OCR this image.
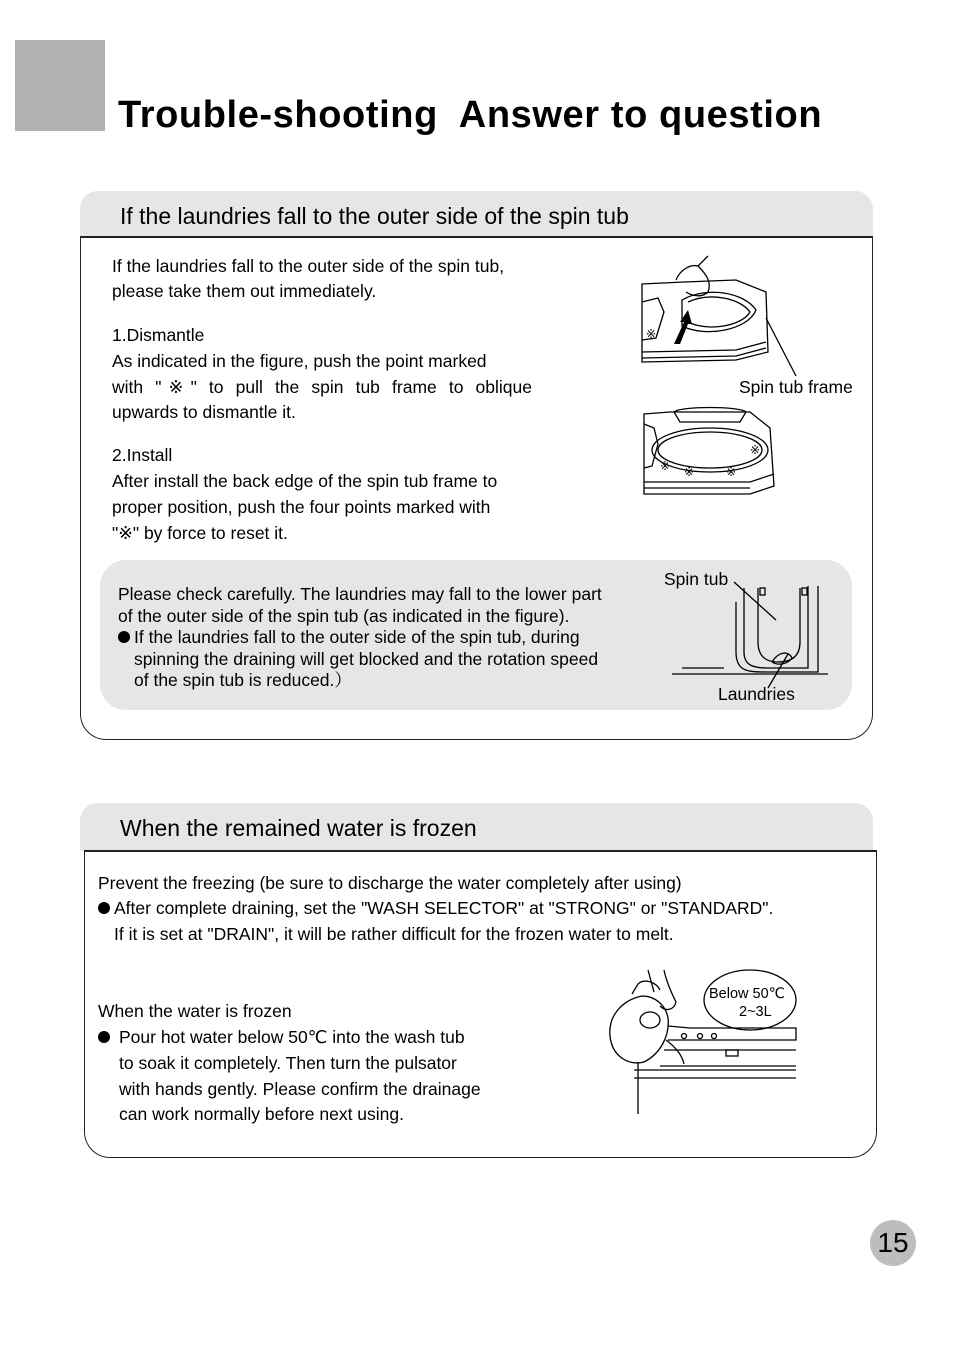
Trouble-shooting  Answer to question
If the laundries fall to the outer side of the spin tub
If the laundries fall to the outer side of the spin tub,
please take them out immediately.
1.Dismantle
As indicated in the figure, push the point marked
with "※" to pull the spin tub frame to oblique
upwards to dismantle it.
2.Install
After install the back edge of the spin tub frame to
proper position, push the four points marked with
"※" by force to reset it.
※
Spin tub frame
※ ※	※
※
Please check carefully. The laundries may fall to the lower part
of the outer side of the spin tub (as indicated in the figure).
If the laundries fall to the outer side of the spin tub, during
spinning the draining will get blocked and the rotation speed
of the spin tub is reduced.）
Spin tub
Laundries
When the remained water is frozen
Prevent the freezing (be sure to discharge the water completely after using)
After complete draining, set the "WASH SELECTOR" at "STRONG" or "STANDARD".
If it is set at "DRAIN", it will be rather difficult for the frozen water to melt.
When the water is frozen
Pour hot water below 50℃ into the wash tub
to soak it completely. Then turn the pulsator
with hands gently. Please confirm the drainage
can work normally before next using.
Below 50℃
2~3L
15
